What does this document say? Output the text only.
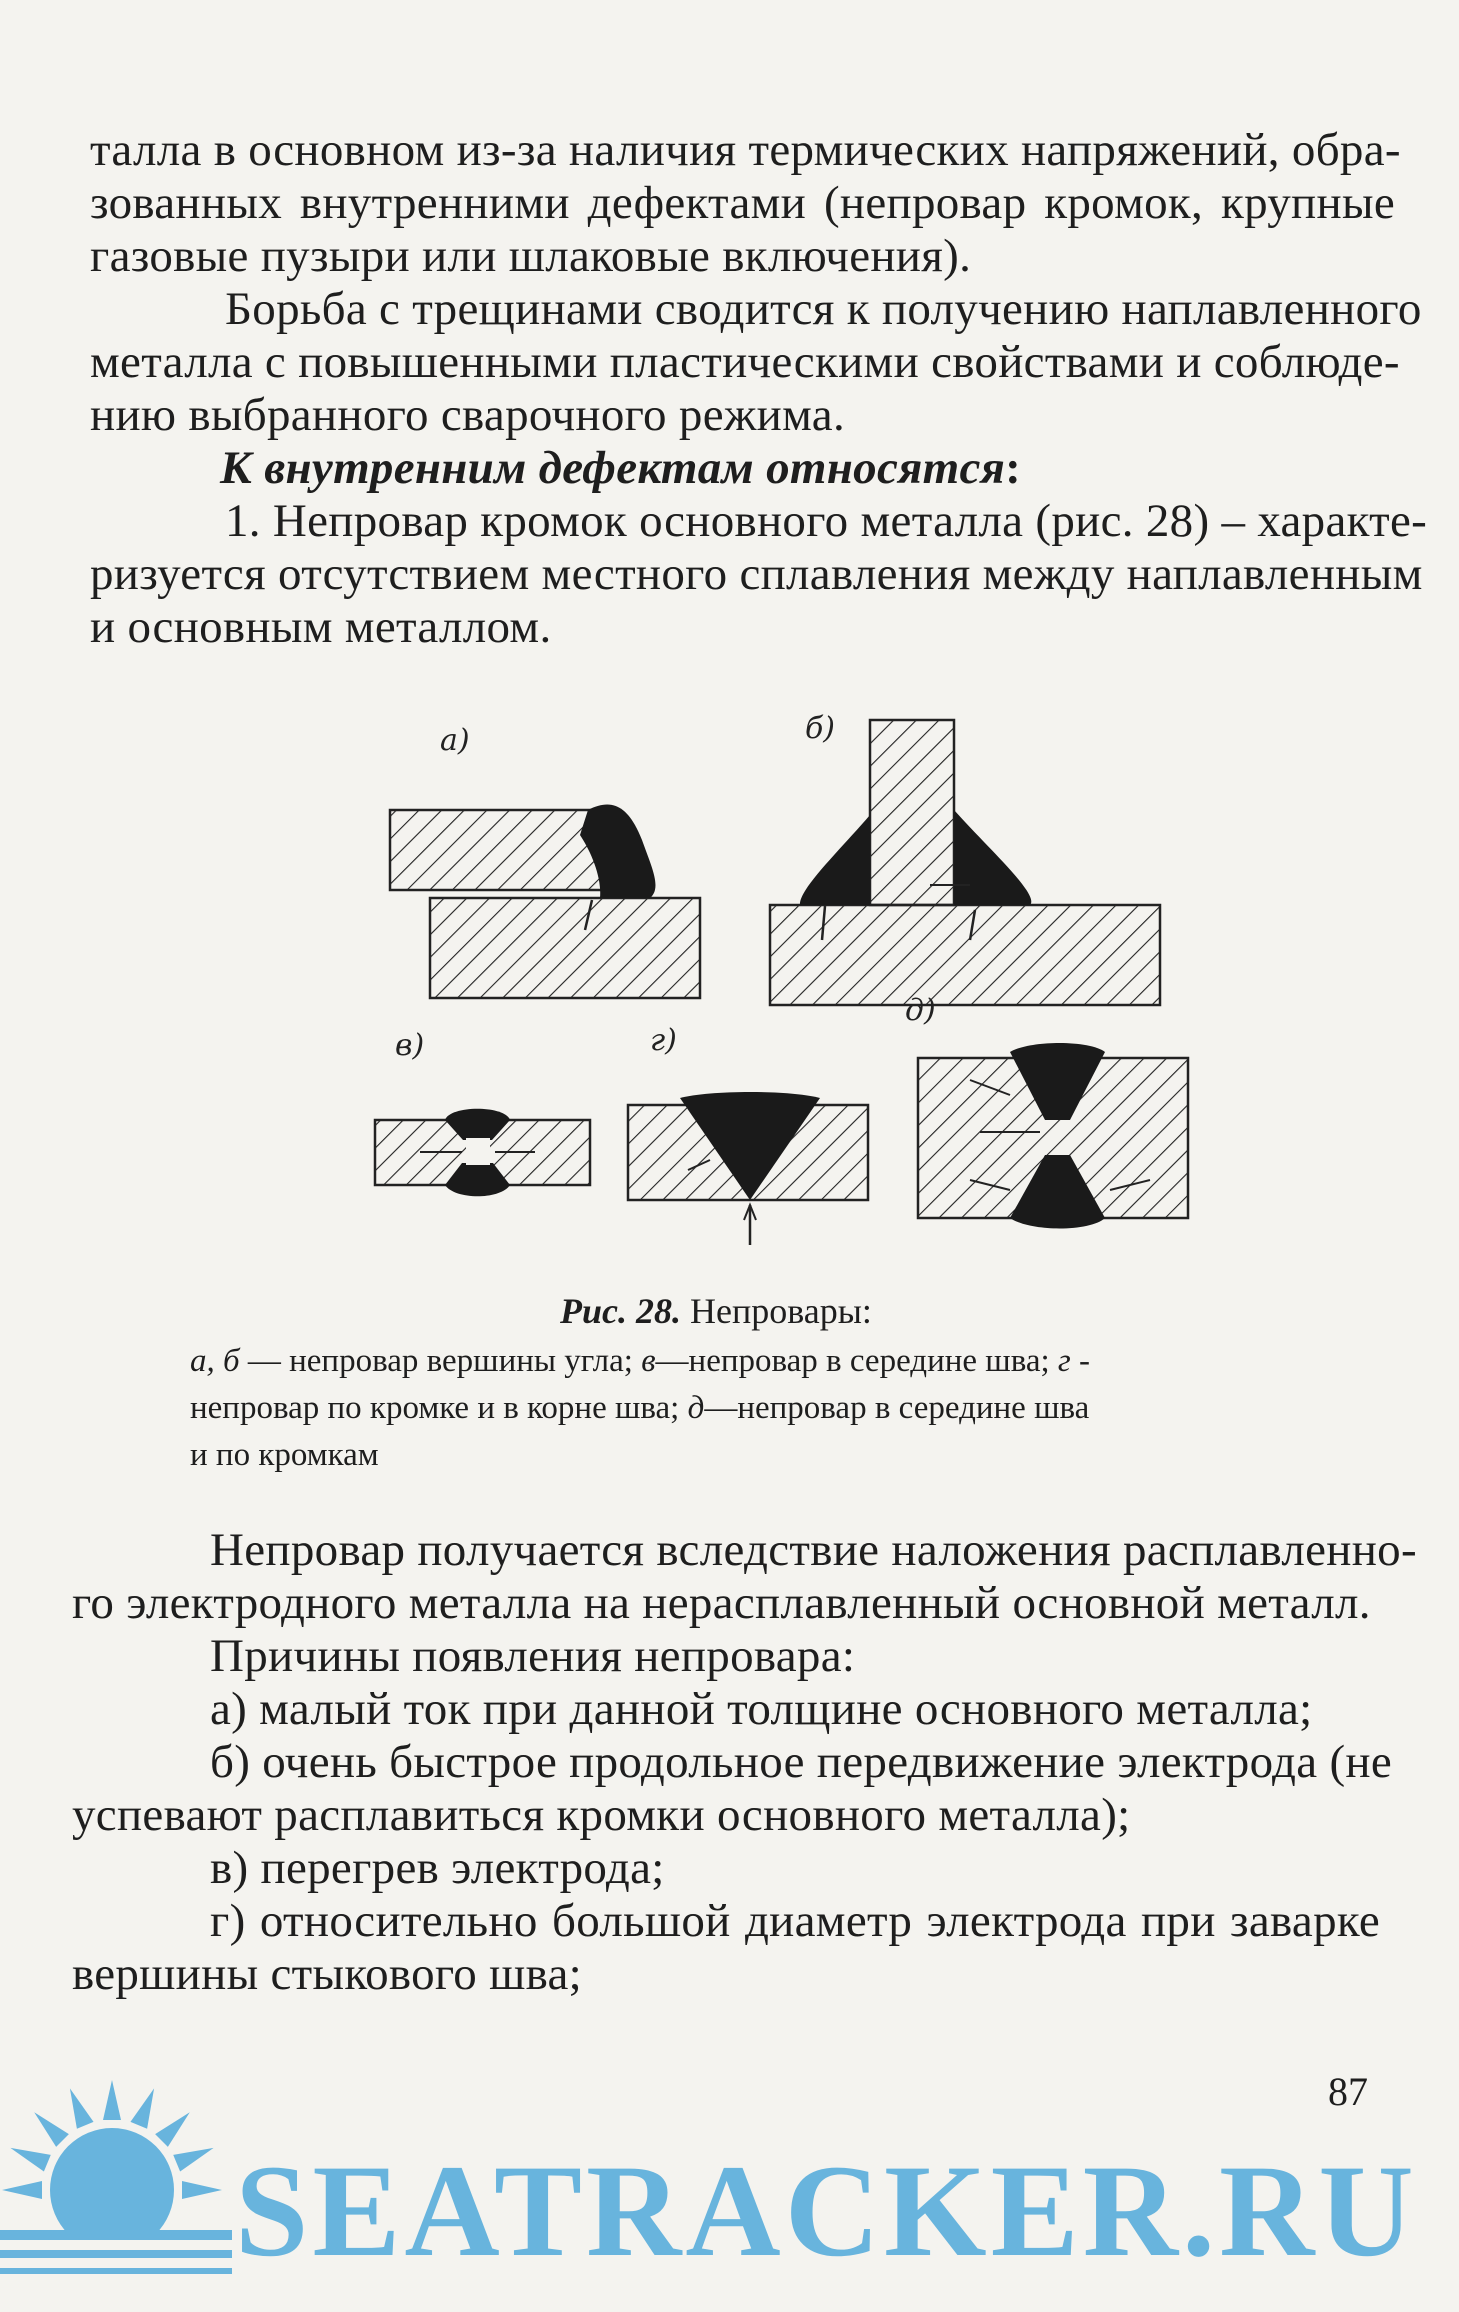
талла в основном из-за наличия термических напряжений, обра-
зованных внутренними дефектами (непровар кромок, крупные
газовые пузыри или шлаковые включения).
Борьба с трещинами сводится к получению наплавленного
металла с повышенными пластическими свойствами и соблюде-
нию выбранного сварочного режима.
К внутренним дефектам относятся:
1. Непровар кромок основного металла (рис. 28) – характе-
ризуется отсутствием местного сплавления между наплавленным
и основным металлом.
а)	б)
в)	г)
д)
Рис. 28. Непровары:
а, б — непровар вершины угла; в—непровар в середине шва; г -
непровар по кромке и в корне шва; д—непровар в середине шва
и по кромкам
Непровар получается вследствие наложения расплавленно-
го электродного металла на нерасплавленный основной металл.
Причины появления непровара:
а) малый ток при данной толщине основного металла;
б) очень быстрое продольное передвижение электрода (не
успевают расплавиться кромки основного металла);
в) перегрев электрода;
г) относительно большой диаметр электрода при заварке
вершины стыкового шва;
SEATRACKER.RU
87
